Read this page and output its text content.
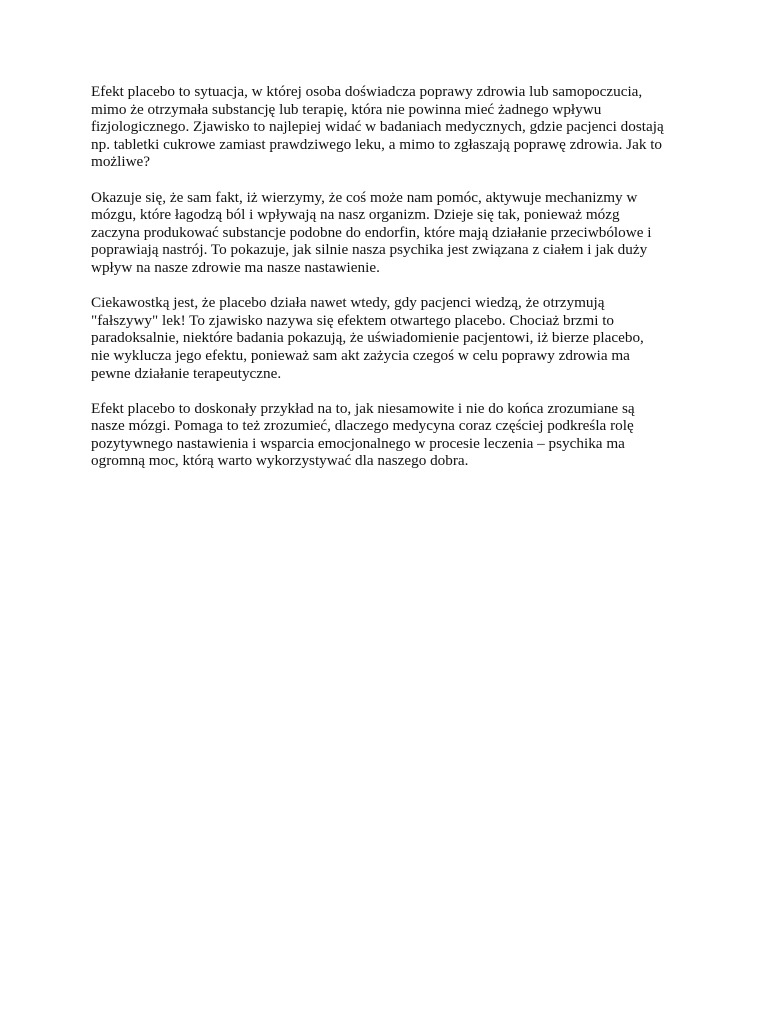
Efekt placebo to sytuacja, w której osoba doświadcza poprawy zdrowia lub samopoczucia,
mimo że otrzymała substancję lub terapię, która nie powinna mieć żadnego wpływu
fizjologicznego. Zjawisko to najlepiej widać w badaniach medycznych, gdzie pacjenci dostają
np. tabletki cukrowe zamiast prawdziwego leku, a mimo to zgłaszają poprawę zdrowia. Jak to
możliwe?

Okazuje się, że sam fakt, iż wierzymy, że coś może nam pomóc, aktywuje mechanizmy w
mózgu, które łagodzą ból i wpływają na nasz organizm. Dzieje się tak, ponieważ mózg
zaczyna produkować substancje podobne do endorfin, które mają działanie przeciwbólowe i
poprawiają nastrój. To pokazuje, jak silnie nasza psychika jest związana z ciałem i jak duży
wpływ na nasze zdrowie ma nasze nastawienie.

Ciekawostką jest, że placebo działa nawet wtedy, gdy pacjenci wiedzą, że otrzymują
"fałszywy" lek! To zjawisko nazywa się efektem otwartego placebo. Chociaż brzmi to
paradoksalnie, niektóre badania pokazują, że uświadomienie pacjentowi, iż bierze placebo,
nie wyklucza jego efektu, ponieważ sam akt zażycia czegoś w celu poprawy zdrowia ma
pewne działanie terapeutyczne.

Efekt placebo to doskonały przykład na to, jak niesamowite i nie do końca zrozumiane są
nasze mózgi. Pomaga to też zrozumieć, dlaczego medycyna coraz częściej podkreśla rolę
pozytywnego nastawienia i wsparcia emocjonalnego w procesie leczenia – psychika ma
ogromną moc, którą warto wykorzystywać dla naszego dobra.
